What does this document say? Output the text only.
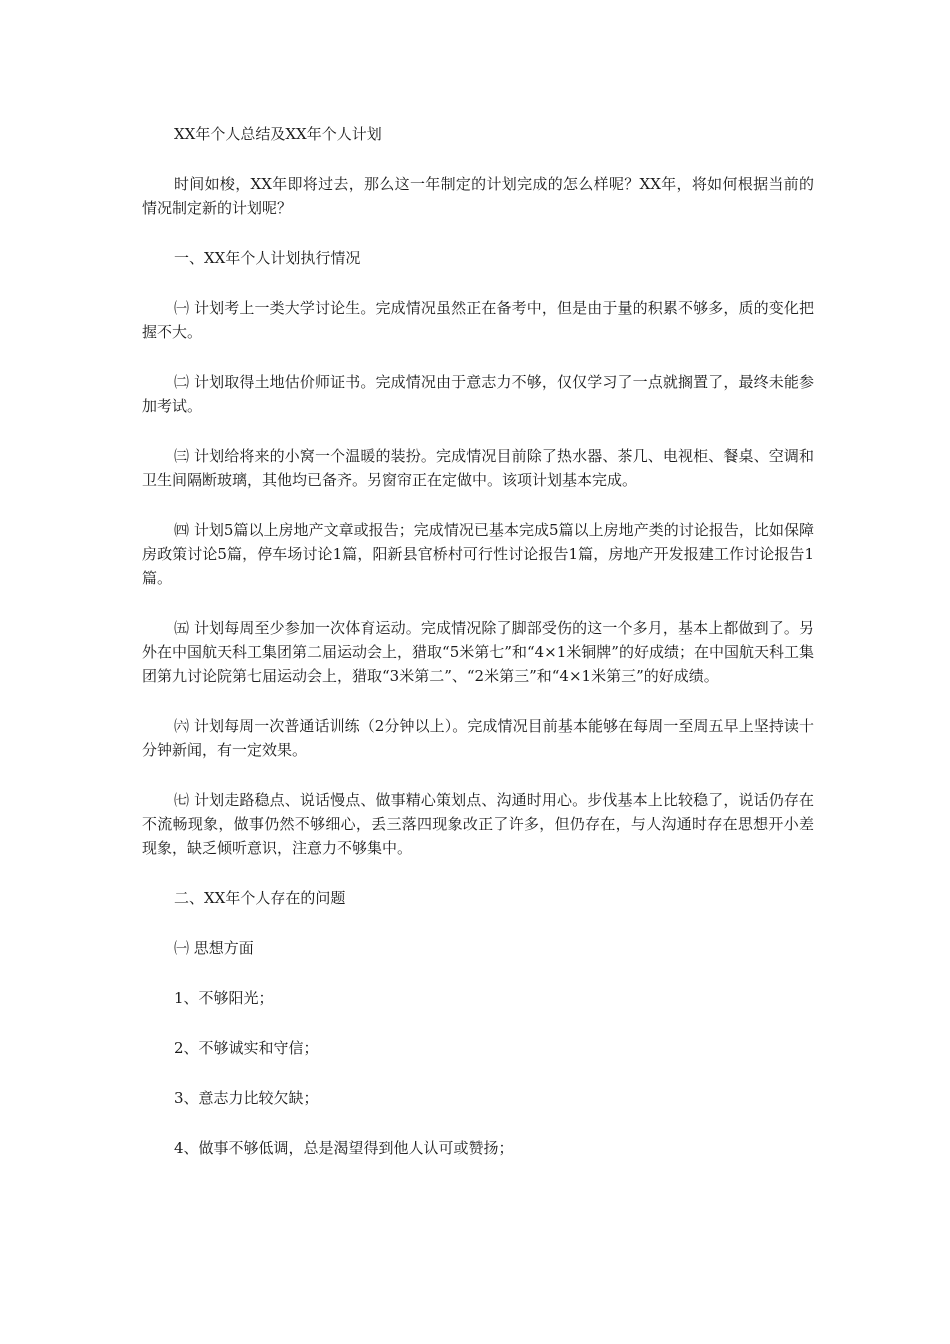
XX年个人总结及XX年个人计划

时间如梭，XX年即将过去，那么这一年制定的计划完成的怎么样呢？XX年，将如何根据当前的情况制定新的计划呢？

一、XX年个人计划执行情况

㈠ 计划考上一类大学讨论生。完成情况虽然正在备考中，但是由于量的积累不够多，质的变化把握不大。

㈡ 计划取得土地估价师证书。完成情况由于意志力不够，仅仅学习了一点就搁置了，最终未能参加考试。

㈢ 计划给将来的小窝一个温暖的装扮。完成情况目前除了热水器、茶几、电视柜、餐桌、空调和卫生间隔断玻璃，其他均已备齐。另窗帘正在定做中。该项计划基本完成。

㈣ 计划5篇以上房地产文章或报告；完成情况已基本完成5篇以上房地产类的讨论报告，比如保障房政策讨论5篇，停车场讨论1篇，阳新县官桥村可行性讨论报告1篇，房地产开发报建工作讨论报告1篇。

㈤ 计划每周至少参加一次体育运动。完成情况除了脚部受伤的这一个多月，基本上都做到了。另外在中国航天科工集团第二届运动会上，猎取“5米第七”和“4×1米铜牌”的好成绩；在中国航天科工集团第九讨论院第七届运动会上，猎取“3米第二”、“2米第三”和“4×1米第三”的好成绩。

㈥ 计划每周一次普通话训练（2分钟以上）。完成情况目前基本能够在每周一至周五早上坚持读十分钟新闻，有一定效果。

㈦ 计划走路稳点、说话慢点、做事精心策划点、沟通时用心。步伐基本上比较稳了，说话仍存在不流畅现象，做事仍然不够细心，丢三落四现象改正了许多，但仍存在，与人沟通时存在思想开小差现象，缺乏倾听意识，注意力不够集中。

二、XX年个人存在的问题

㈠ 思想方面

1、不够阳光；

2、不够诚实和守信；

3、意志力比较欠缺；

4、做事不够低调，总是渴望得到他人认可或赞扬；
